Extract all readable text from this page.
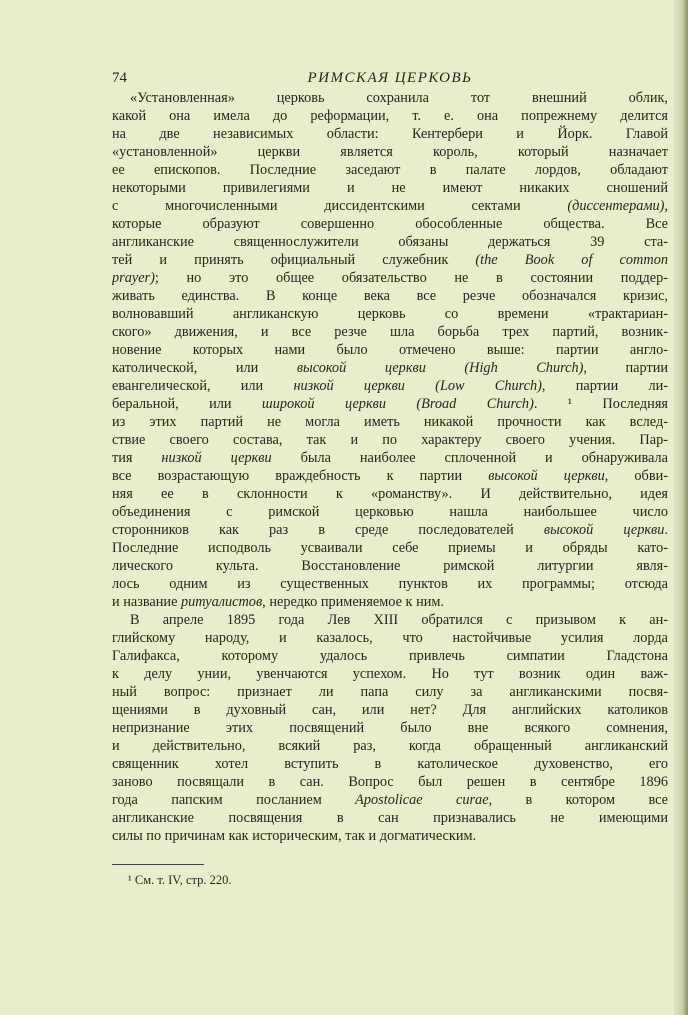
74	РИМСКАЯ ЦЕРКОВЬ
«Установленная» церковь сохранила тот внешний облик,
какой она имела до реформации, т. е. она попрежнему делится
на две независимых области: Кентербери и Йорк. Главой
«установленной» церкви является король, который назначает
ее епископов. Последние заседают в палате лордов, обладают
некоторыми привилегиями и не имеют никаких сношений
с многочисленными диссидентскими сектами (диссентерами),
которые образуют совершенно обособленные общества. Все
англиканские священнослужители обязаны держаться 39 ста-
тей и принять официальный служебник (the Book of common
prayer); но это общее обязательство не в состоянии поддер-
живать единства. В конце века все резче обозначался кризис,
волновавший англиканскую церковь со времени «трактариан-
ского» движения, и все резче шла борьба трех партий, возник-
новение которых нами было отмечено выше: партии англо-
католической, или высокой церкви (High Church), партии
евангелической, или низкой церкви (Low Church), партии ли-
беральной, или широкой церкви (Broad Church). ¹ Последняя
из этих партий не могла иметь никакой прочности как вслед-
ствие своего состава, так и по характеру своего учения. Пар-
тия низкой церкви была наиболее сплоченной и обнаруживала
все возрастающую враждебность к партии высокой церкви, обви-
няя ее в склонности к «романству». И действительно, идея
объединения с римской церковью нашла наибольшее число
сторонников как раз в среде последователей высокой церкви.
Последние исподволь усваивали себе приемы и обряды като-
лического культа. Восстановление римской литургии явля-
лось одним из существенных пунктов их программы; отсюда
и название ритуалистов, нередко применяемое к ним.
В апреле 1895 года Лев XIII обратился с призывом к ан-
глийскому народу, и казалось, что настойчивые усилия лорда
Галифакса, которому удалось привлечь симпатии Гладстона
к делу унии, увенчаются успехом. Но тут возник один важ-
ный вопрос: признает ли папа силу за англиканскими посвя-
щениями в духовный сан, или нет? Для английских католиков
непризнание этих посвящений было вне всякого сомнения,
и действительно, всякий раз, когда обращенный англиканский
священник хотел вступить в католическое духовенство, его
заново посвящали в сан. Вопрос был решен в сентябре 1896
года папским посланием Apostolicae curae, в котором все
англиканские посвящения в сан признавались не имеющими
силы по причинам как историческим, так и догматическим.
¹ См. т. IV, стр. 220.
